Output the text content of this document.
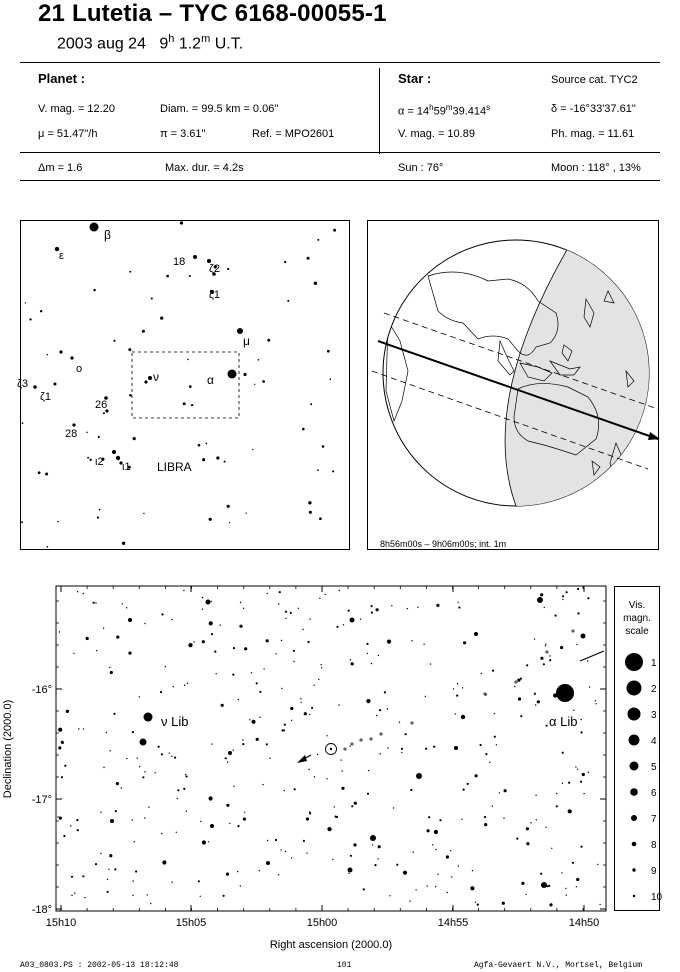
21 Lutetia – TYC 6168-00055-1
2003 aug 24 9$^h$ 1.2$^m$ U.T.
Planet :
V. mag. = 12.20	Diam. = 99.5 km = 0.06"
μ = 51.47"/h	π = 3.61"	Ref. = MPO2601
Star :	Source cat. TYC2
$\alpha = 14^h59^m39.414^s$	δ = -16°33'37.61"
V. mag. = 10.89	Ph. mag. = 11.61
Δm = 1.6	Max. dur. = 4.2s	Sun : 76°	Moon : 118° , 13%
β
ε	18
ζ2
ζ1
μ
ο
ν	α
ζ3
ζ1
26
28
ι2 ι1 LIBRA
8h56m00s – 9h06m00s; int. 1m
15h10	15h05	15h00	14h55	14h50
-16°
-17°
-18°
ν Lib	α Lib
Right ascension (2000.0)
Declination (2000.0)
Vis.
magn.
scale
1
2
3
4
5
6
7
8
9
10
A03_0803.PS : 2002-05-13 18:12:48	101	Agfa-Gevaert N.V., Mortsel, Belgium
